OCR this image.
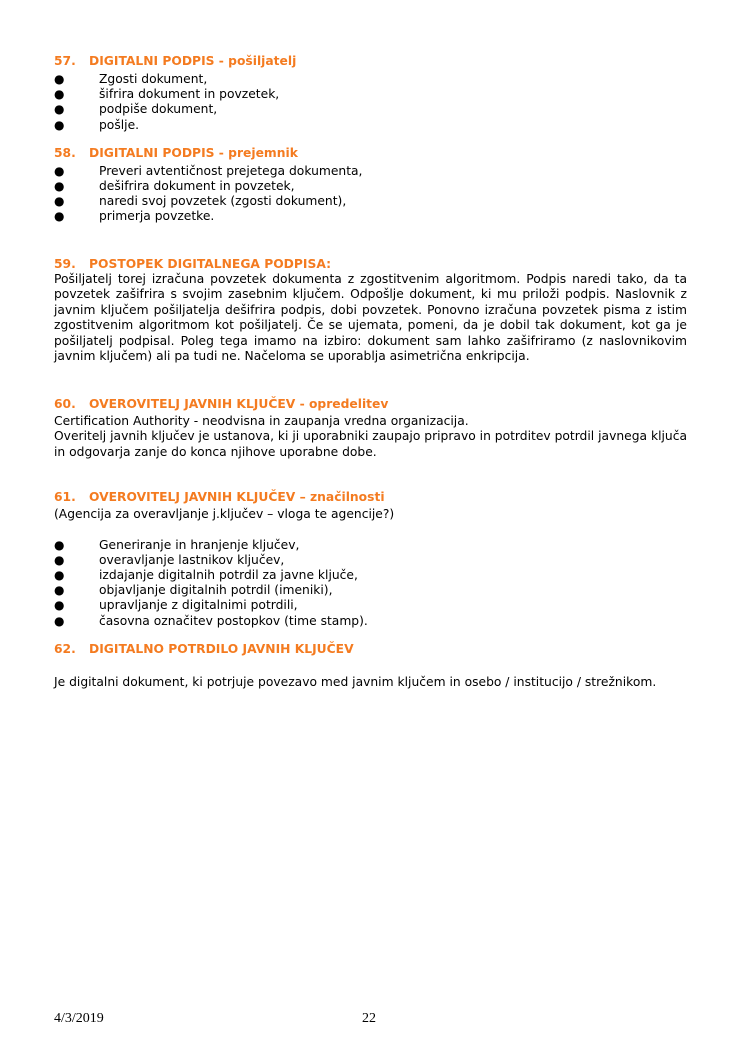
57. DIGITALNI PODPIS - pošiljatelj

●	Zgosti dokument,
●	šifrira dokument in povzetek,
●	podpiše dokument,
●	pošlje.

58. DIGITALNI PODPIS - prejemnik

●	Preveri avtentičnost prejetega dokumenta,
●	dešifrira dokument in povzetek,
●	naredi svoj povzetek (zgosti dokument),
●	primerja povzetke.

59. POSTOPEK DIGITALNEGA PODPISA:

Pošiljatelj torej izračuna povzetek dokumenta z zgostitvenim algoritmom. Podpis naredi tako, da ta povzetek zašifrira s svojim zasebnim ključem. Odpošlje dokument, ki mu priloži podpis. Naslovnik z javnim ključem pošiljatelja dešifrira podpis, dobi povzetek. Ponovno izračuna povzetek pisma z istim zgostitvenim algoritmom kot pošiljatelj. Če se ujemata, pomeni, da je dobil tak dokument, kot ga je pošiljatelj podpisal. Poleg tega imamo na izbiro: dokument sam lahko zašifriramo (z naslovnikovim javnim ključem) ali pa tudi ne. Načeloma se uporablja asimetrična enkripcija.

60. OVEROVITELJ JAVNIH KLJUČEV - opredelitev

Certification Authority - neodvisna in zaupanja vredna organizacija.

Overitelj javnih ključev je ustanova, ki ji uporabniki zaupajo pripravo in potrditev potrdil javnega ključa in odgovarja zanje do konca njihove uporabne dobe.

61. OVEROVITELJ JAVNIH KLJUČEV – značilnosti

(Agencija za overavljanje j.ključev – vloga te agencije?)

●	Generiranje in hranjenje ključev,
●	overavljanje lastnikov ključev,
●	izdajanje digitalnih potrdil za javne ključe,
●	objavljanje digitalnih potrdil (imeniki),
●	upravljanje z digitalnimi potrdili,
●	časovna označitev postopkov (time stamp).

62. DIGITALNO POTRDILO JAVNIH KLJUČEV

Je digitalni dokument, ki potrjuje povezavo med javnim ključem in osebo / institucijo / strežnikom.

4/3/2019	22
